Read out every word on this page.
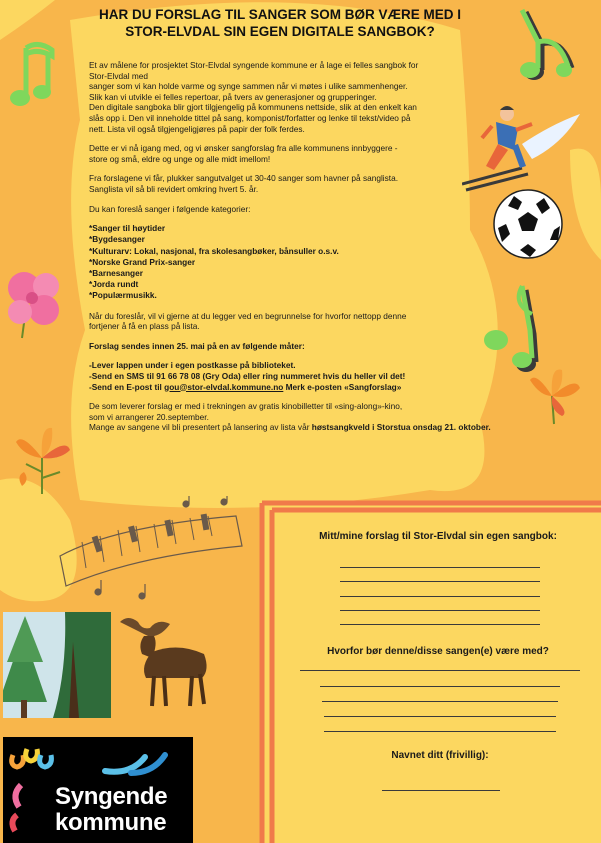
HAR DU FORSLAG TIL SANGER SOM BØR VÆRE MED I
STOR-ELVDAL SIN EGEN DIGITALE SANGBOK?

Et av målene for prosjektet Stor-Elvdal syngende kommune er å lage ei felles sangbok for Stor-Elvdal med
sanger som vi kan holde varme og synge sammen når vi møtes i ulike sammenhenger.
Slik kan vi utvikle ei felles repertoar, på tvers av generasjoner og grupperinger.
Den digitale sangboka blir gjort tilgjengelig på kommunens nettside, slik at den enkelt kan
slås opp i. Den vil inneholde tittel på sang, komponist/forfatter og lenke til tekst/video på
nett. Lista vil også tilgjengeligjøres på papir der folk ferdes.

Dette er vi nå igang med, og vi ønsker sangforslag fra alle kommunens innbyggere -
store og små, eldre og unge og alle midt imellom!

Fra forslagene vi får, plukker sangutvalget ut 30-40 sanger som havner på sanglista.
Sanglista vil så bli revidert omkring hvert 5. år.

Du kan foreslå sanger i følgende kategorier:

*Sanger til høytider
*Bygdesanger
*Kulturarv: Lokal, nasjonal, fra skolesangbøker, bånsuller o.s.v.
*Norske Grand Prix-sanger
*Barnesanger
*Jorda rundt
*Populærmusikk.

Når du foreslår, vil vi gjerne at du legger ved en begrunnelse for hvorfor nettopp denne
fortjener å få en plass på lista.

Forslag sendes innen 25. mai på en av følgende måter:

-Lever lappen under i egen postkasse på biblioteket.
-Send en SMS til 91 66 78 08 (Gry Oda) eller ring nummeret hvis du heller vil det!
-Send en E-post til gou@stor-elvdal.kommune.no Merk e-posten «Sangforslag»

De som leverer forslag er med i trekningen av gratis kinobilletter til «sing-along»-kino,
som vi arrangerer 20.september.
Mange av sangene vil bli presentert på lansering av lista vår høstsangkveld i Storstua onsdag 21. oktober.

Syngende
kommune
Mitt/mine forslag til Stor-Elvdal sin egen sangbok:
Hvorfor bør denne/disse sangen(e) være med?
Navnet ditt (frivillig):
